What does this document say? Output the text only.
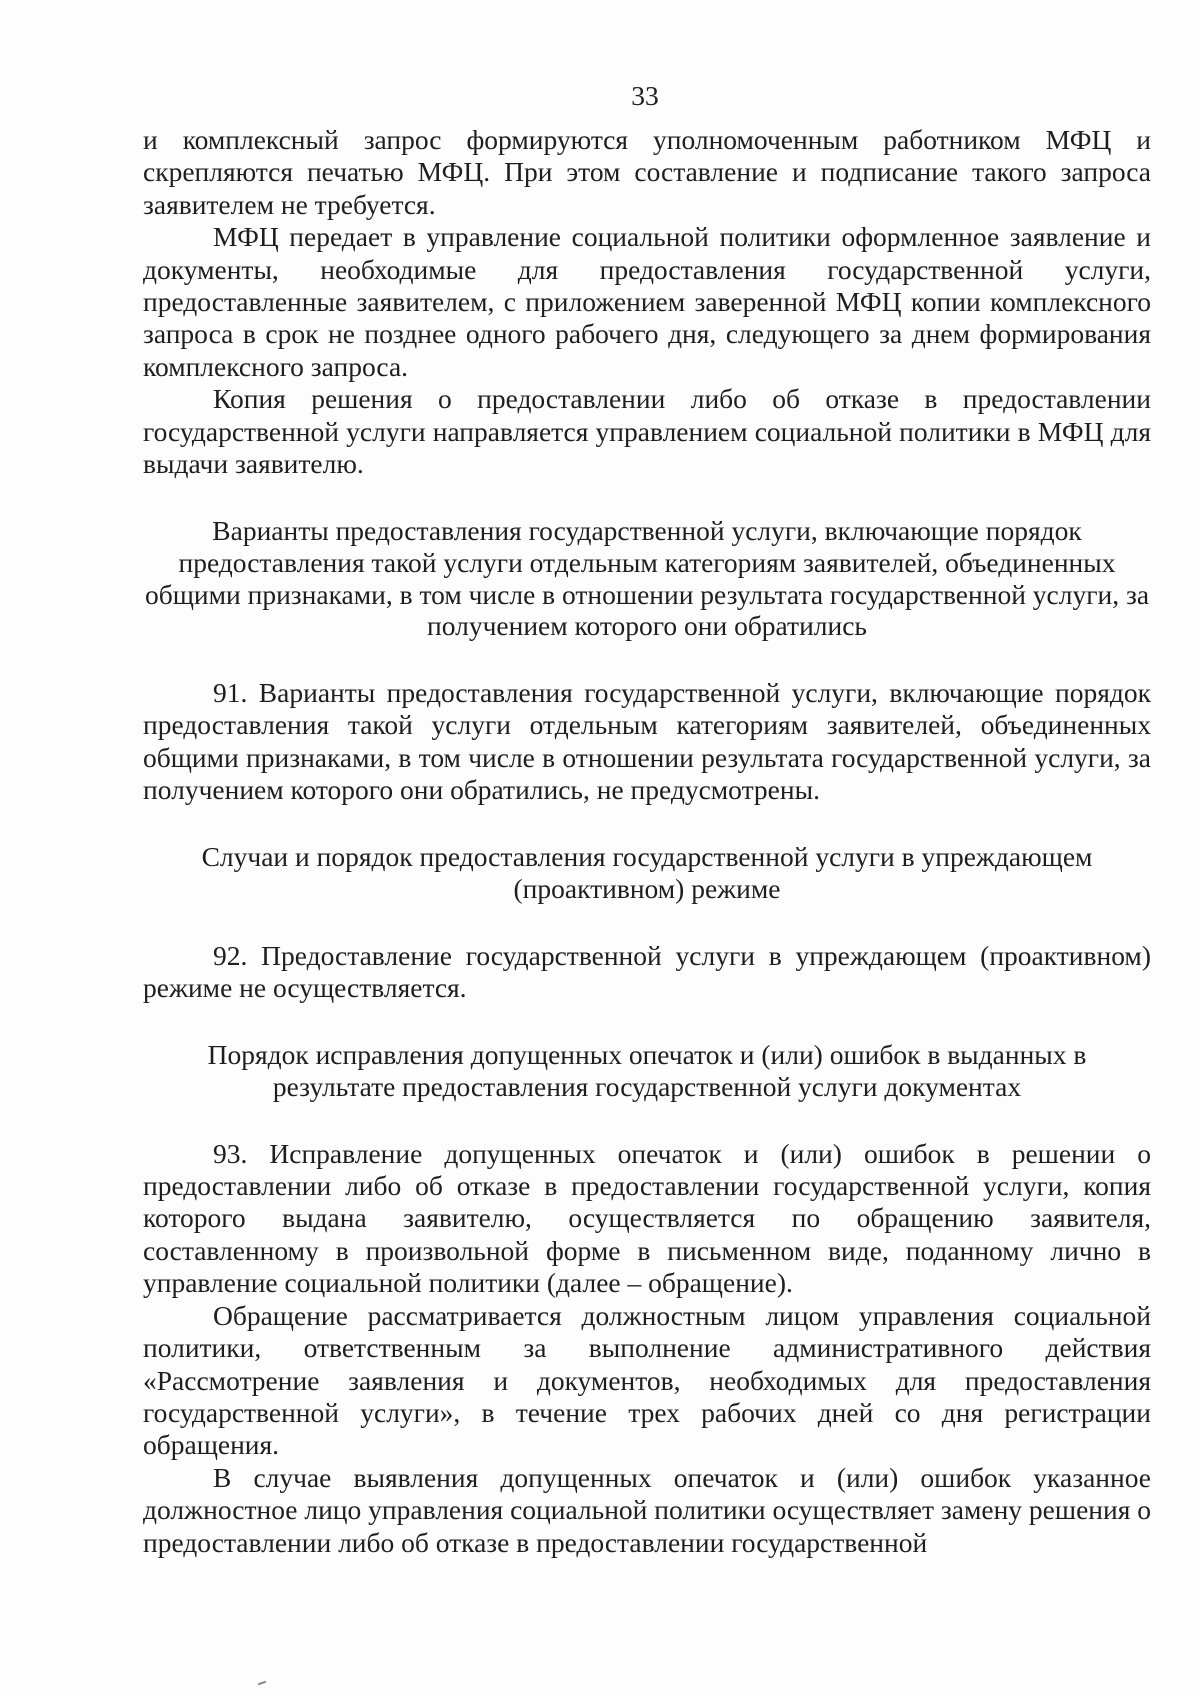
33

и комплексный запрос формируются уполномоченным работником МФЦ и скрепляются печатью МФЦ. При этом составление и подписание такого запроса заявителем не требуется.

МФЦ передает в управление социальной политики оформленное заявление и документы, необходимые для предоставления государственной услуги, предоставленные заявителем, с приложением заверенной МФЦ копии комплексного запроса в срок не позднее одного рабочего дня, следующего за днем формирования комплексного запроса.

Копия решения о предоставлении либо об отказе в предоставлении государственной услуги направляется управлением социальной политики в МФЦ для выдачи заявителю.

Варианты предоставления государственной услуги, включающие порядок предоставления такой услуги отдельным категориям заявителей, объединенных общими признаками, в том числе в отношении результата государственной услуги, за получением которого они обратились

91. Варианты предоставления государственной услуги, включающие порядок предоставления такой услуги отдельным категориям заявителей, объединенных общими признаками, в том числе в отношении результата государственной услуги, за получением которого они обратились, не предусмотрены.

Случаи и порядок предоставления государственной услуги в упреждающем (проактивном) режиме

92. Предоставление государственной услуги в упреждающем (проактивном) режиме не осуществляется.

Порядок исправления допущенных опечаток и (или) ошибок в выданных в результате предоставления государственной услуги документах

93. Исправление допущенных опечаток и (или) ошибок в решении о предоставлении либо об отказе в предоставлении государственной услуги, копия которого выдана заявителю, осуществляется по обращению заявителя, составленному в произвольной форме в письменном виде, поданному лично в управление социальной политики (далее – обращение).

Обращение рассматривается должностным лицом управления социальной политики, ответственным за выполнение административного действия «Рассмотрение заявления и документов, необходимых для предоставления государственной услуги», в течение трех рабочих дней со дня регистрации обращения.

В случае выявления допущенных опечаток и (или) ошибок указанное должностное лицо управления социальной политики осуществляет замену решения о предоставлении либо об отказе в предоставлении государственной
